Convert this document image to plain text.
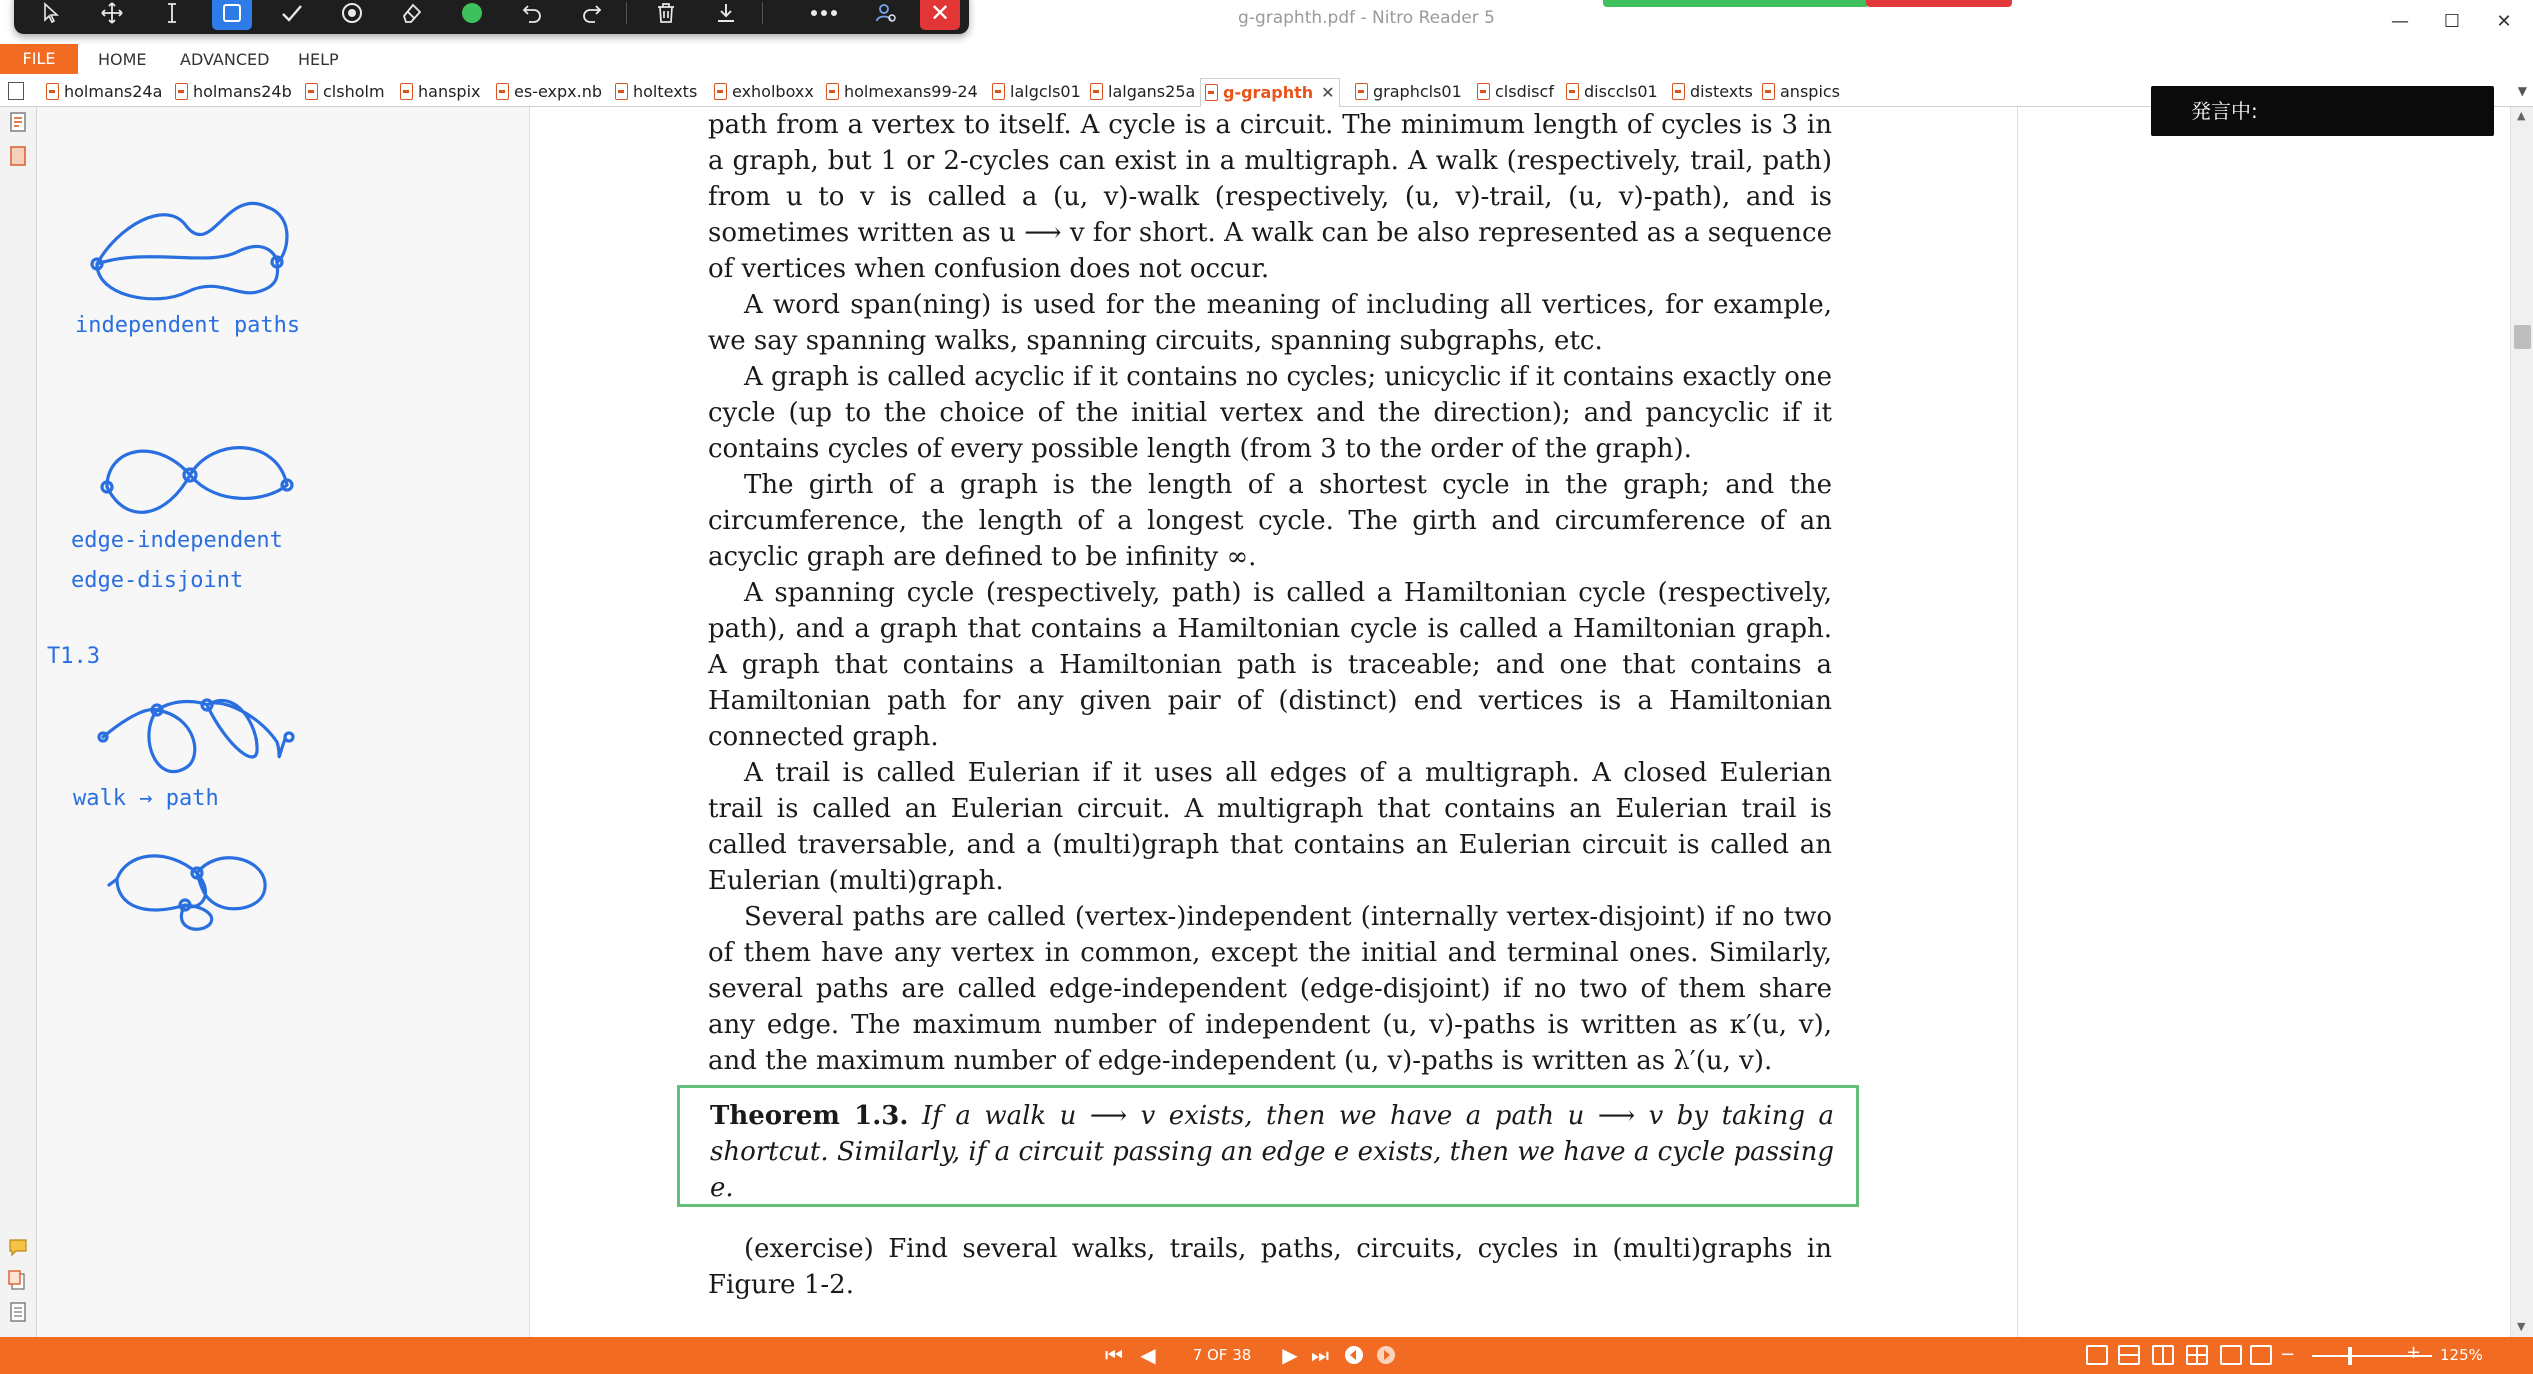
g-graphth.pdf - Nitro Reader 5	—	☐	✕
✕
HOME	ADVANCED	HELP
FILE
holmans24a	holmans24b	clsholm	hanspix	es-expx.nb	holtexts	exholboxx	holmexans99-24	lalgcls01	lalgans25a	g-graphth ✕	graphcls01	clsdiscf	disccls01	distexts	anspics	▼
independent paths
edge-independent
edge-disjoint
T1.3
walk → path

path from a vertex to itself. A cycle is a circuit. The minimum length of cycles is 3 in a graph, but 1 or 2-cycles can exist in a multigraph. A walk (respectively, trail, path) from u to v is called a (u, v)-walk (respectively, (u, v)-trail, (u, v)-path), and is sometimes written as u ⟶ v for short. A walk can be also represented as a sequence of vertices when confusion does not occur.

A word span(ning) is used for the meaning of including all vertices, for example, we say spanning walks, spanning circuits, spanning subgraphs, etc.

A graph is called acyclic if it contains no cycles; unicyclic if it contains exactly one cycle (up to the choice of the initial vertex and the direction); and pancyclic if it contains cycles of every possible length (from 3 to the order of the graph).

The girth of a graph is the length of a shortest cycle in the graph; and the circumference, the length of a longest cycle. The girth and circumference of an acyclic graph are defined to be infinity ∞.

A spanning cycle (respectively, path) is called a Hamiltonian cycle (respectively, path), and a graph that contains a Hamiltonian cycle is called a Hamiltonian graph. A graph that contains a Hamiltonian path is traceable; and one that contains a Hamiltonian path for any given pair of (distinct) end vertices is a Hamiltonian connected graph.

A trail is called Eulerian if it uses all edges of a multigraph. A closed Eulerian trail is called an Eulerian circuit. A multigraph that contains an Eulerian trail is called traversable, and a (multi)graph that contains an Eulerian circuit is called an Eulerian (multi)graph.

Several paths are called (vertex-)independent (internally vertex-disjoint) if no two of them have any vertex in common, except the initial and terminal ones. Similarly, several paths are called edge-independent (edge-disjoint) if no two of them share any edge. The maximum number of independent (u, v)-paths is written as κ′(u, v), and the maximum number of edge-independent (u, v)-paths is written as λ′(u, v).

Theorem 1.3. If a walk u ⟶ v exists, then we have a path u ⟶ v by taking a shortcut. Similarly, if a circuit passing an edge e exists, then we have a cycle passing e.
(exercise) Find several walks, trails, paths, circuits, cycles in (multi)graphs in Figure 1-2.
発言中:	▲
▼
⏮ ◀	7 OF 38	▶ ⏭	−	+ 125%
